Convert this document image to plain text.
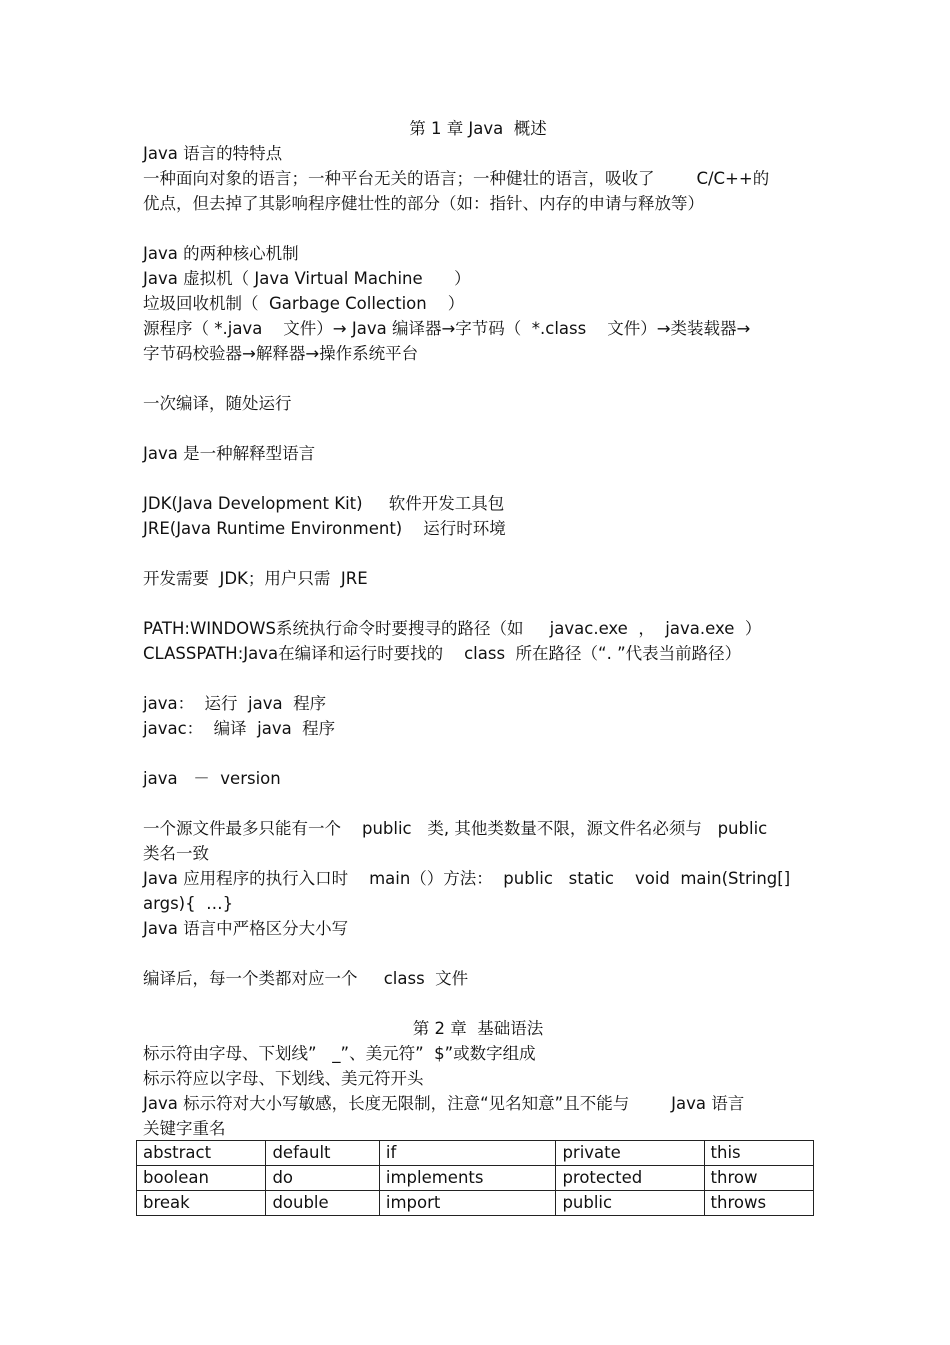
第 1 章 Java  概述
Java 语言的特特点
一种面向对象的语言；一种平台无关的语言；一种健壮的语言，吸收了        C/C++的
优点，但去掉了其影响程序健壮性的部分（如：指针、内存的申请与释放等）
Java 的两种核心机制
Java 虚拟机（ Java Virtual Machine      ）
垃圾回收机制（  Garbage Collection    ）
源程序（ *.java    文件）→ Java 编译器→字节码（  *.class    文件）→类装载器→
字节码校验器→解释器→操作系统平台
一次编译，随处运行
Java 是一种解释型语言
JDK(Java Development Kit)     软件开发工具包
JRE(Java Runtime Environment)    运行时环境
开发需要  JDK；用户只需  JRE
PATH:WINDOWS系统执行命令时要搜寻的路径（如     javac.exe  ，  java.exe  ）
CLASSPATH:Java在编译和运行时要找的    class  所在路径（“. ”代表当前路径）
java：  运行  java  程序
javac：  编译  java  程序
java   －  version
一个源文件最多只能有一个    public   类, 其他类数量不限，源文件名必须与   public
类名一致
Java 应用程序的执行入口时    main（）方法：  public   static    void  main(String[]
args){  …}
Java 语言中严格区分大小写
编译后，每一个类都对应一个     class  文件
第 2 章  基础语法
标示符由字母、下划线”   _”、美元符”  $”或数字组成
标示符应以字母、下划线、美元符开头
Java 标示符对大小写敏感，长度无限制，注意“见名知意”且不能与        Java 语言
关键字重名
abstract	default	if	private	this
boolean	do	implements	protected	throw
break	double	import	public	throws
